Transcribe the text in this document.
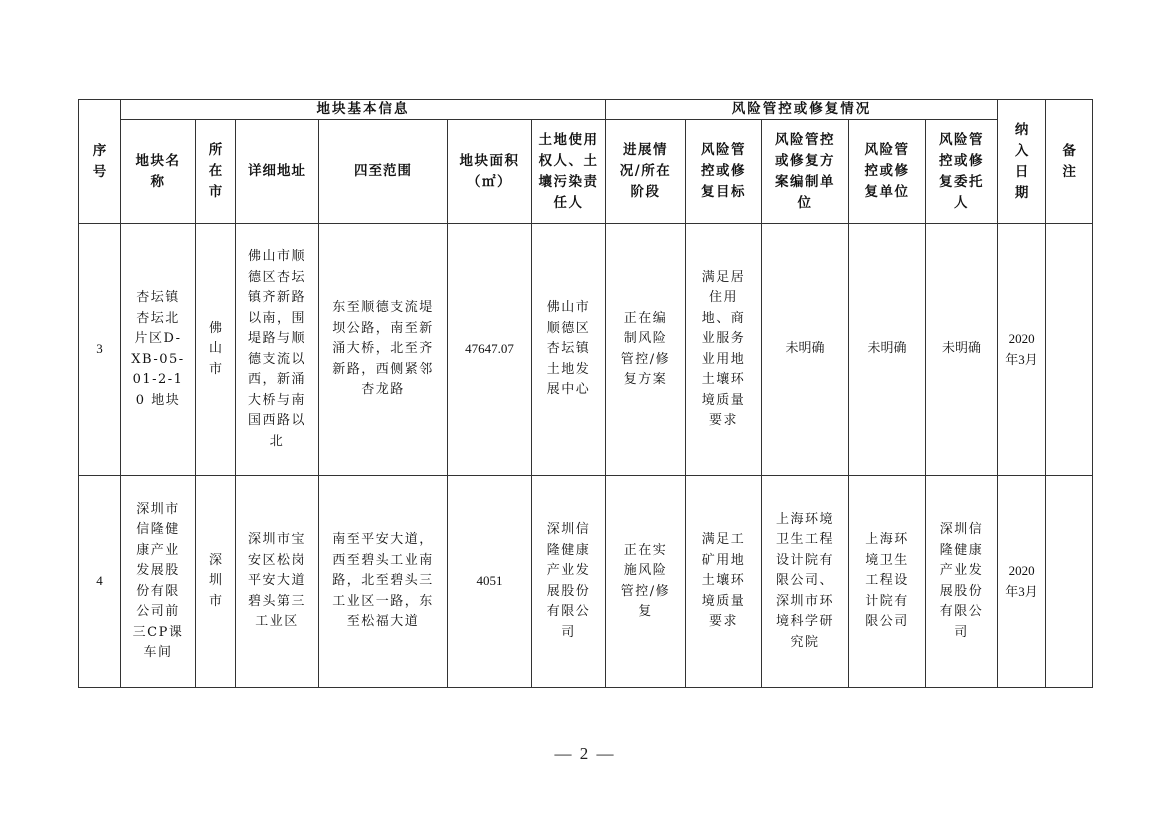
序号	地块基本信息						风险管控或修复情况					纳入日期	备注
	地块名称	所在市	详细地址	四至范围	地块面积（㎡）	土地使用权人、土壤污染责任人	进展情况/所在阶段	风险管控或修复目标	风险管控或修复方案编制单位	风险管控或修复单位	风险管控或修复委托人		
3	杏坛镇杏坛北片区D-XB-05-01-2-10 地块	佛山市	佛山市顺德区杏坛镇齐新路以南，围堤路与顺德支流以西，新涌大桥与南国西路以北	东至顺德支流堤坝公路，南至新涌大桥，北至齐新路，西侧紧邻杏龙路	47647.07	佛山市顺德区杏坛镇土地发展中心	正在编制风险管控/修复方案	满足居住用地、商业服务业用地土壤环境质量要求	未明确	未明确	未明确	2020年3月	
4	深圳市信隆健康产业发展股份有限公司前三CP课车间	深圳市	深圳市宝安区松岗平安大道碧头第三工业区	南至平安大道，西至碧头工业南路，北至碧头三工业区一路，东至松福大道	4051	深圳信隆健康产业发展股份有限公司	正在实施风险管控/修复	满足工矿用地土壤环境质量要求	上海环境卫生工程设计院有限公司、深圳市环境科学研究院	上海环境卫生工程设计院有限公司	深圳信隆健康产业发展股份有限公司	2020年3月	
— 2 —
